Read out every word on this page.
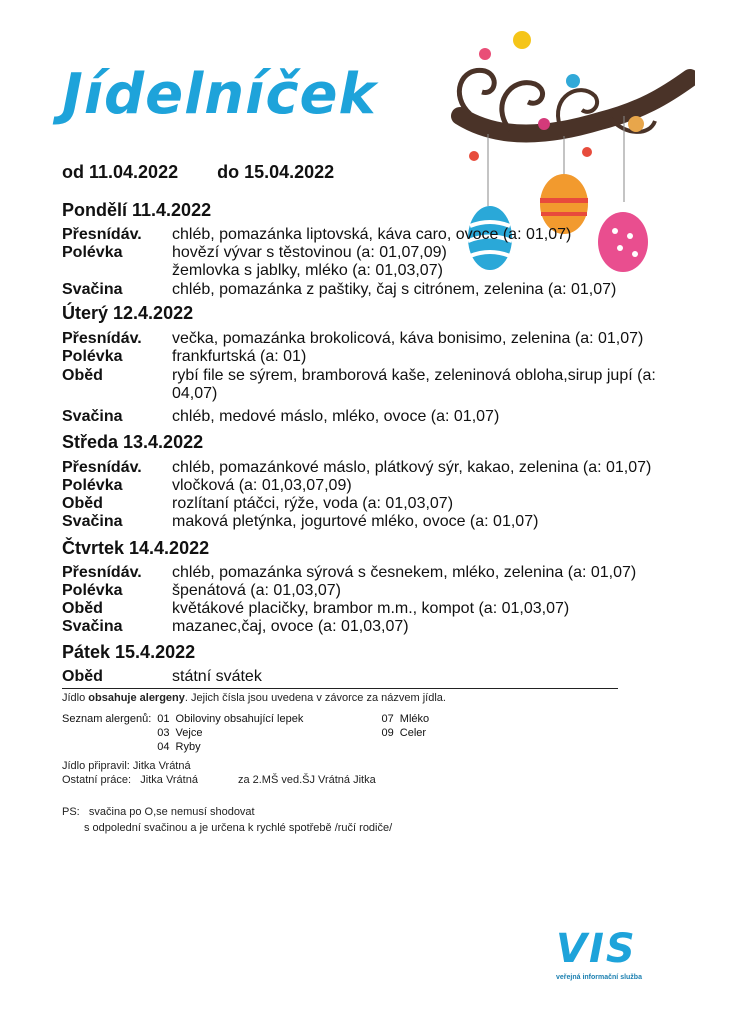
Jídelníček
od 11.04.2022 do 15.04.2022
Pondělí 11.4.2022
Přesnídáv.	chléb, pomazánka liptovská, káva caro, ovoce (a: 01,07)
Polévka	hovězí vývar s těstovinou (a: 01,07,09)
žemlovka s jablky, mléko (a: 01,03,07)
Svačina	chléb, pomazánka z paštiky, čaj s citrónem, zelenina (a: 01,07)
Úterý 12.4.2022
Přesnídáv.	večka, pomazánka brokolicová, káva bonisimo, zelenina (a: 01,07)
Polévka	frankfurtská (a: 01)
Oběd	rybí file se sýrem, bramborová kaše, zeleninová obloha,sirup jupí (a: 04,07)
Svačina	chléb, medové máslo, mléko, ovoce (a: 01,07)
Středa 13.4.2022
Přesnídáv.	chléb, pomazánkové máslo, plátkový sýr, kakao, zelenina (a: 01,07)
Polévka	vločková (a: 01,03,07,09)
Oběd	rozlítaní ptáčci, rýže, voda (a: 01,03,07)
Svačina	maková pletýnka, jogurtové mléko, ovoce (a: 01,07)
Čtvrtek 14.4.2022
Přesnídáv.	chléb, pomazánka sýrová s česnekem, mléko, zelenina (a: 01,07)
Polévka	špenátová (a: 01,03,07)
Oběd	květákové placičky, brambor m.m., kompot (a: 01,03,07)
Svačina	mazanec,čaj, ovoce (a: 01,03,07)
Pátek 15.4.2022
Oběd	státní svátek
Jídlo obsahuje alergeny. Jejich čísla jsou uvedena v závorce za názvem jídla.
Seznam alergenů:	01	Obiloviny obsahující lepek	07	Mléko
	03	Vejce	09	Celer
	04	Ryby		
Jídlo připravil: Jitka Vrátná
Ostatní práce: Jitka Vrátná	za 2.MŠ ved.ŠJ Vrátná Jitka
PS: svačina po O,se nemusí shodovat
s odpolední svačinou a je určena k rychlé spotřebě /ručí rodiče/
VIS
veřejná informační služba
